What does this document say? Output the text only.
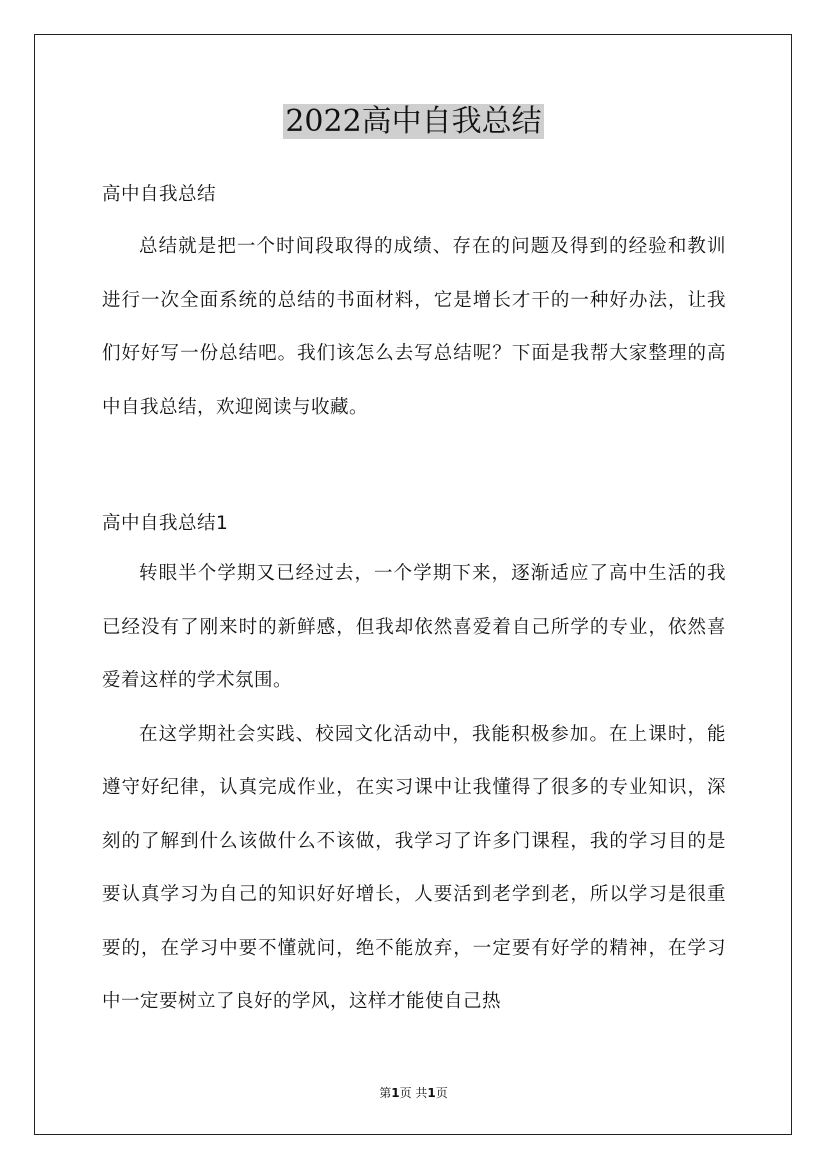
2022高中自我总结
高中自我总结

总结就是把一个时间段取得的成绩、存在的问题及得到的经验和教训进行一次全面系统的总结的书面材料，它是增长才干的一种好办法，让我们好好写一份总结吧。我们该怎么去写总结呢？下面是我帮大家整理的高中自我总结，欢迎阅读与收藏。

高中自我总结1

转眼半个学期又已经过去，一个学期下来，逐渐适应了高中生活的我已经没有了刚来时的新鲜感，但我却依然喜爱着自己所学的专业，依然喜爱着这样的学术氛围。

在这学期社会实践、校园文化活动中，我能积极参加。在上课时，能遵守好纪律，认真完成作业，在实习课中让我懂得了很多的专业知识，深刻的了解到什么该做什么不该做，我学习了许多门课程，我的学习目的是要认真学习为自己的知识好好增长，人要活到老学到老，所以学习是很重要的，在学习中要不懂就问，绝不能放弃，一定要有好学的精神，在学习中一定要树立了良好的学风，这样才能使自己热

第1页 共1页
